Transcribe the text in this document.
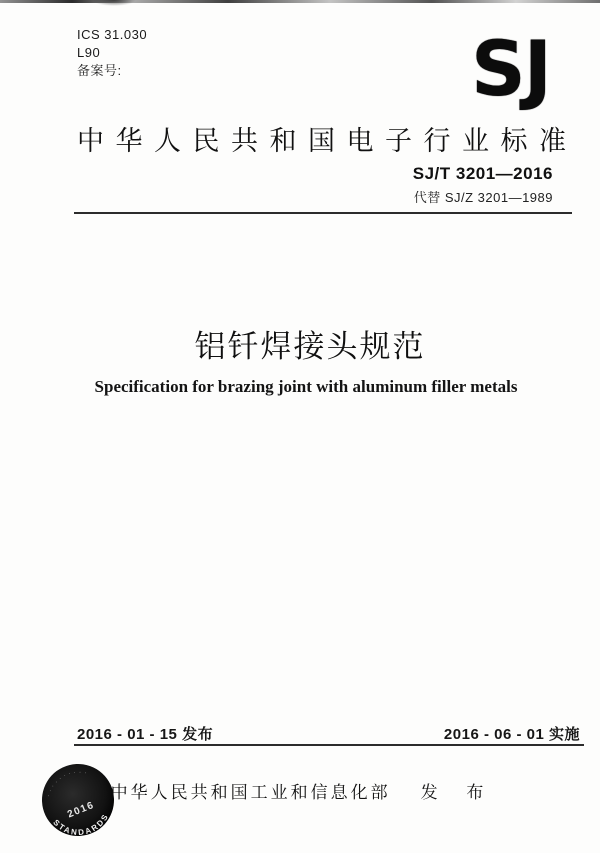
ICS 31.030
L90
备案号:	SJ
中华人民共和国电子行业标准
SJ/T 3201—2016
代替 SJ/Z 3201—1989
铝钎焊接头规范
Specification for brazing joint with aluminum filler metals
2016 - 01 - 15 发布	2016 - 06 - 01 实施
· · · · · · · · · ·
2016
STANDARDS
中华人民共和国工业和信息化部 发 布
